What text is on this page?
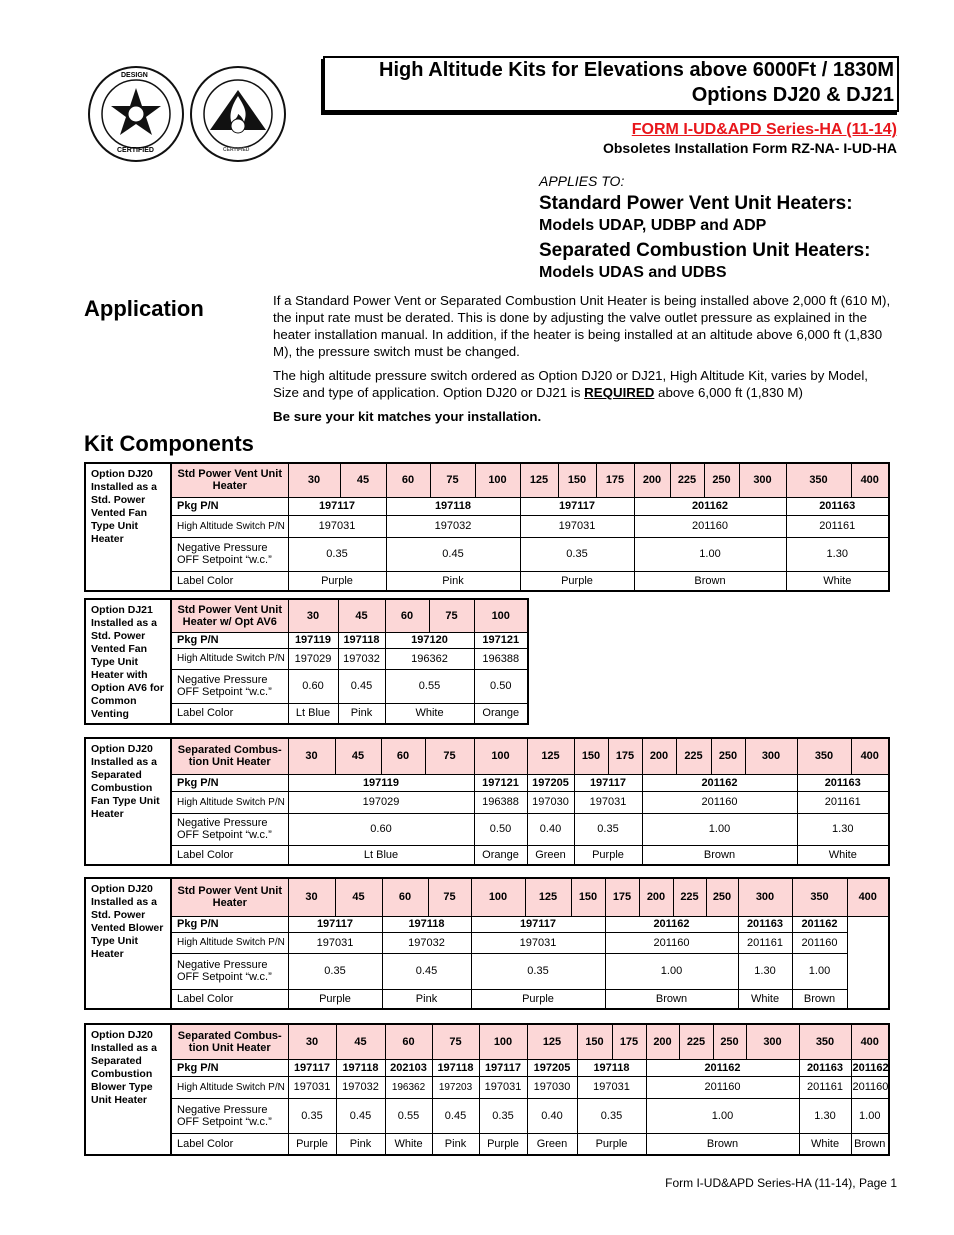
DESIGN
CERTIFIED	CERTIFIED
High Altitude Kits for Elevations above 6000Ft / 1830M
Options DJ20 & DJ21
FORM I-UD&APD Series-HA (11-14)
Obsoletes Installation Form RZ-NA- I-UD-HA
APPLIES TO:
Standard Power Vent Unit Heaters:
Models UDAP, UDBP and ADP
Separated Combustion Unit Heaters:
Models UDAS and UDBS
Application	If a Standard Power Vent or Separated Combustion Unit Heater is being installed above 2,000 ft (610 M), the input rate must be derated. This is done by adjusting the valve outlet pressure as explained in the heater installation manual. In addition, if the heater is being installed at an altitude above 6,000 ft (1,830 M), the pressure switch must be changed.
The high altitude pressure switch ordered as Option DJ20 or DJ21, High Altitude Kit, varies by Model, Size and type of application. Option DJ20 or DJ21 is REQUIRED above 6,000 ft (1,830 M)
Be sure your kit matches your installation.
Kit Components
Option DJ20
Installed as a Std. Power Vented Fan Type Unit Heater	Std Power Vent Unit Heater	30	45	60	75	100	125	150	175	200	225	250	300	350	400
	Pkg P/N	197117		197118			197117			201162				201163	
	High Altitude Switch P/N	197031		197032			197031			201160				201161	
	Negative Pressure OFF Setpoint “w.c.”	0.35		0.45			0.35			1.00				1.30	
	Label Color	Purple		Pink			Purple			Brown				White	
Option DJ21
Installed as a Std. Power Vented Fan Type Unit Heater with Option AV6 for Common Venting	Std Power Vent Unit Heater w/ Opt AV6	30	45	60	75	100
	Pkg P/N	197119	197118	197120		197121
	High Altitude Switch P/N	197029	197032	196362		196388
	Negative Pressure OFF Setpoint “w.c.”	0.60	0.45	0.55		0.50
	Label Color	Lt Blue	Pink	White		Orange
Option DJ20
Installed as a Separated Combustion Fan Type Unit Heater	Separated Combus- tion Unit Heater	30	45	60	75	100	125	150	175	200	225	250	300	350	400
	Pkg P/N	197119				197121	197205	197117		201162				201163	
	High Altitude Switch P/N	197029				196388	197030	197031		201160				201161	
	Negative Pressure OFF Setpoint “w.c.”	0.60				0.50	0.40	0.35		1.00				1.30	
	Label Color	Lt Blue				Orange	Green	Purple		Brown				White	
Option DJ20
Installed as a Std. Power Vented Blower Type Unit Heater	Std Power Vent Unit Heater	30	45	60	75	100	125	150	175	200	225	250	300	350	400
	Pkg P/N	197117		197118		197117			201162				201163	201162	
	High Altitude Switch P/N	197031		197032		197031			201160				201161	201160	
	Negative Pressure OFF Setpoint “w.c.”	0.35		0.45		0.35			1.00				1.30	1.00	
	Label Color	Purple		Pink		Purple			Brown				White	Brown	
Option DJ20
Installed as a Separated Combustion Blower Type Unit Heater	Separated Combus- tion Unit Heater	30	45	60	75	100	125	150	175	200	225	250	300	350	400
	Pkg P/N	197117	197118	202103	197118	197117	197205	197118		201162				201163	201162
	High Altitude Switch P/N	197031	197032	196362	197203	197031	197030	197031		201160				201161	201160
	Negative Pressure OFF Setpoint “w.c.”	0.35	0.45	0.55	0.45	0.35	0.40	0.35		1.00				1.30	1.00
	Label Color	Purple	Pink	White	Pink	Purple	Green	Purple		Brown				White	Brown
Form I-UD&APD Series-HA (11-14), Page 1
